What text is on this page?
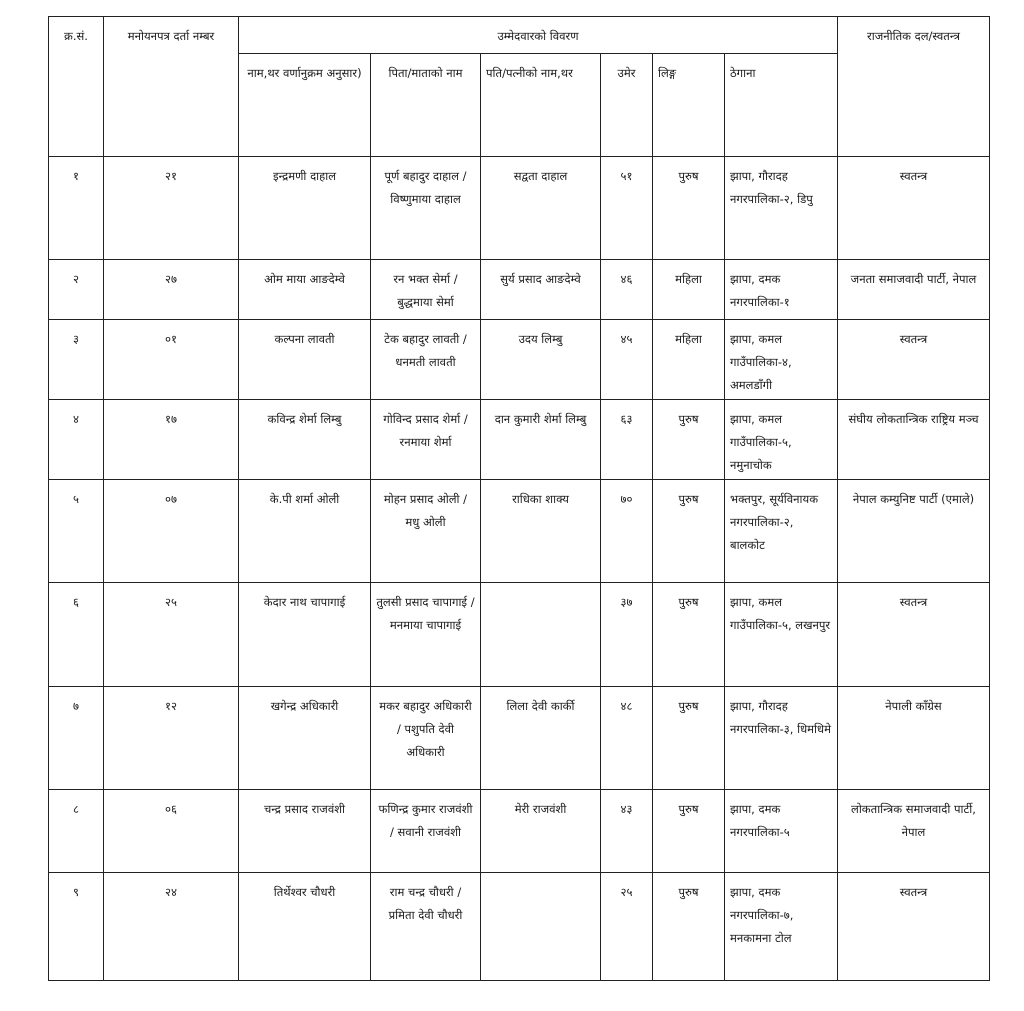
क्र.सं.	मनोयनपत्र दर्ता नम्बर	उम्मेदवारको विवरण						राजनीतिक दल/स्वतन्त्र
		नाम,थर वर्णानुक्रम अनुसार)	पिता/माताको नाम	पति/पत्नीको नाम,थर	उमेर	लिङ्ग	ठेगाना	
१	२१	इन्द्रमणी दाहाल	पूर्ण बहादुर दाहाल / विष्णुमाया दाहाल	सद्वता दाहाल	५१	पुरुष	झापा, गौरादह नगरपालिका-२, डिपु	स्वतन्त्र
२	२७	ओम माया आङदेम्वे	रन भक्त सेर्मा / बुद्धमाया सेर्मा	सुर्य प्रसाद आङदेम्वे	४६	महिला	झापा, दमक नगरपालिका-१	जनता समाजवादी पार्टी, नेपाल
३	०१	कल्पना लावती	टेक बहादुर लावती / धनमती लावती	उदय लिम्बु	४५	महिला	झापा, कमल गाउँपालिका-४, अमलडाँगी	स्वतन्त्र
४	१७	कविन्द्र शेर्मा लिम्बु	गोविन्द प्रसाद शेर्मा / रनमाया शेर्मा	दान कुमारी शेर्मा लिम्बु	६३	पुरुष	झापा, कमल गाउँपालिका-५, नमुनाचोक	संघीय लोकतान्त्रिक राष्ट्रिय मञ्च
५	०७	के.पी शर्मा ओली	मोहन प्रसाद ओली / मधु ओली	राधिका शाक्य	७०	पुरुष	भक्तपुर, सूर्यविनायक नगरपालिका-२, बालकोट	नेपाल कम्युनिष्ट पार्टी (एमाले)
६	२५	केदार नाथ चापागाई	तुलसी प्रसाद चापागाई / मनमाया चापागाई		३७	पुरुष	झापा, कमल गाउँपालिका-५, लखनपुर	स्वतन्त्र
७	१२	खगेन्द्र अधिकारी	मकर बहादुर अधिकारी / पशुपति देवी अधिकारी	लिला देवी कार्की	४८	पुरुष	झापा, गौरादह नगरपालिका-३, धिमधिमे	नेपाली कॉंग्रेस
८	०६	चन्द्र प्रसाद राजवंशी	फणिन्द्र कुमार राजवंशी / सवानी राजवंशी	मेरी राजवंशी	४३	पुरुष	झापा, दमक नगरपालिका-५	लोकतान्त्रिक समाजवादी पार्टी, नेपाल
९	२४	तिर्थेश्वर चौधरी	राम चन्द्र चौधरी / प्रमिता देवी चौधरी		२५	पुरुष	झापा, दमक नगरपालिका-७, मनकामना टोल	स्वतन्त्र
